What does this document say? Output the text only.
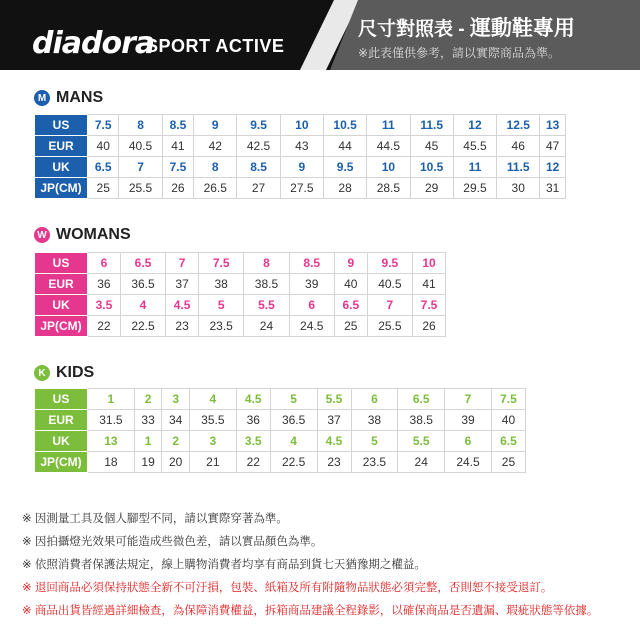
diadora
SPORT ACTIVE
尺寸對照表 - 運動鞋專用
※此表僅供參考，請以實際商品為準。
M MANS
US	7.5	8	8.5	9	9.5	10	10.5	11	11.5	12	12.5	13
EUR	40	40.5	41	42	42.5	43	44	44.5	45	45.5	46	47
UK	6.5	7	7.5	8	8.5	9	9.5	10	10.5	11	11.5	12
JP(CM)	25	25.5	26	26.5	27	27.5	28	28.5	29	29.5	30	31
W WOMANS
US	6	6.5	7	7.5	8	8.5	9	9.5	10
EUR	36	36.5	37	38	38.5	39	40	40.5	41
UK	3.5	4	4.5	5	5.5	6	6.5	7	7.5
JP(CM)	22	22.5	23	23.5	24	24.5	25	25.5	26
K KIDS
US	1	2	3	4	4.5	5	5.5	6	6.5	7	7.5
EUR	31.5	33	34	35.5	36	36.5	37	38	38.5	39	40
UK	13	1	2	3	3.5	4	4.5	5	5.5	6	6.5
JP(CM)	18	19	20	21	22	22.5	23	23.5	24	24.5	25
※ 因測量工具及個人腳型不同，請以實際穿著為準。
※ 因拍攝燈光效果可能造成些微色差，請以實品顏色為準。
※ 依照消費者保護法規定，線上購物消費者均享有商品到貨七天猶豫期之權益。
※ 退回商品必須保持狀態全新不可汙損，包裝、紙箱及所有附隨物品狀態必須完整，否則恕不接受退訂。
※ 商品出貨皆經過詳細檢查，為保障消費權益，拆箱商品建議全程錄影，以確保商品是否遺漏、瑕疵狀態等依據。
